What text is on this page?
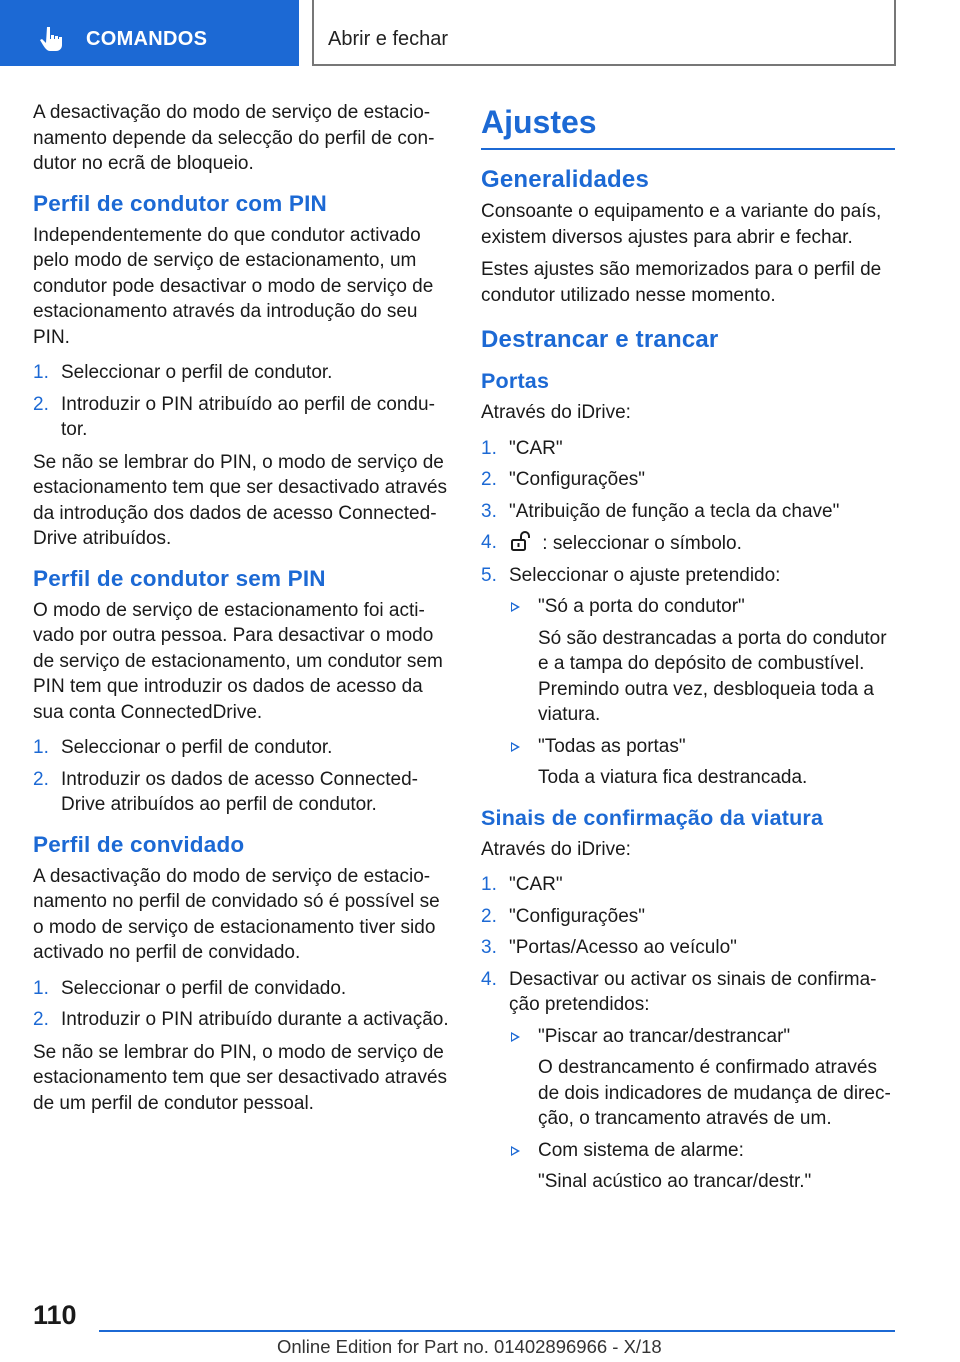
COMANDOS	Abrir e fechar

A desactivação do modo de serviço de estacionamento depende da selecção do perfil de condutor no ecrã de bloqueio.

Perfil de condutor com PIN

Independentemente do que condutor activado pelo modo de serviço de estacionamento, um condutor pode desactivar o modo de serviço de estacionamento através da introdução do seu PIN.

1. Seleccionar o perfil de condutor.
2. Introduzir o PIN atribuído ao perfil de condutor.

Se não se lembrar do PIN, o modo de serviço de estacionamento tem que ser desactivado através da introdução dos dados de acesso ConnectedDrive atribuídos.

Perfil de condutor sem PIN

O modo de serviço de estacionamento foi activado por outra pessoa. Para desactivar o modo de serviço de estacionamento, um condutor sem PIN tem que introduzir os dados de acesso da sua conta ConnectedDrive.

1. Seleccionar o perfil de condutor.
2. Introduzir os dados de acesso ConnectedDrive atribuídos ao perfil de condutor.
Perfil de convidado

A desactivação do modo de serviço de estacionamento no perfil de convidado só é possível se o modo de serviço de estacionamento tiver sido activado no perfil de convidado.

1. Seleccionar o perfil de convidado.
2. Introduzir o PIN atribuído durante a activação.

Se não se lembrar do PIN, o modo de serviço de estacionamento tem que ser desactivado através de um perfil de condutor pessoal.

Ajustes
Generalidades

Consoante o equipamento e a variante do país, existem diversos ajustes para abrir e fechar.

Estes ajustes são memorizados para o perfil de condutor utilizado nesse momento.

Destrancar e trancar
Portas

Através do iDrive:

1. "CAR"
2. "Configurações"
3. "Atribuição de função a tecla da chave"
4. : seleccionar o símbolo.
5. Seleccionar o ajuste pretendido:
"Só a porta do condutor"
Só são destrancadas a porta do condutor e a tampa do depósito de combustível. Premindo outra vez, desbloqueia toda a viatura.
"Todas as portas"
Toda a viatura fica destrancada.
Sinais de confirmação da viatura

Através do iDrive:

1. "CAR"
2. "Configurações"
3. "Portas/Acesso ao veículo"
4. Desactivar ou activar os sinais de confirmação pretendidos:
"Piscar ao trancar/destrancar"
O destrancamento é confirmado através de dois indicadores de mudança de direcção, o trancamento através de um.
Com sistema de alarme:
"Sinal acústico ao trancar/destr."
110
Online Edition for Part no. 01402896966 - X/18
